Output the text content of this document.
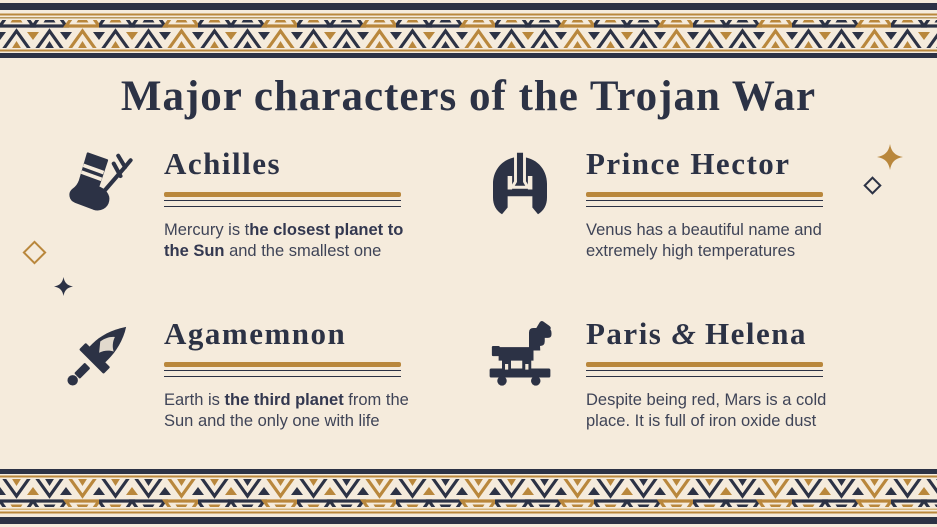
Major characters of the Trojan War
Achilles

Mercury is the closest planet to the Sun and the smallest one

Prince Hector

Venus has a beautiful name and extremely high temperatures

Agamemnon

Earth is the third planet from the Sun and the only one with life

Paris & Helena

Despite being red, Mars is a cold place. It is full of iron oxide dust
